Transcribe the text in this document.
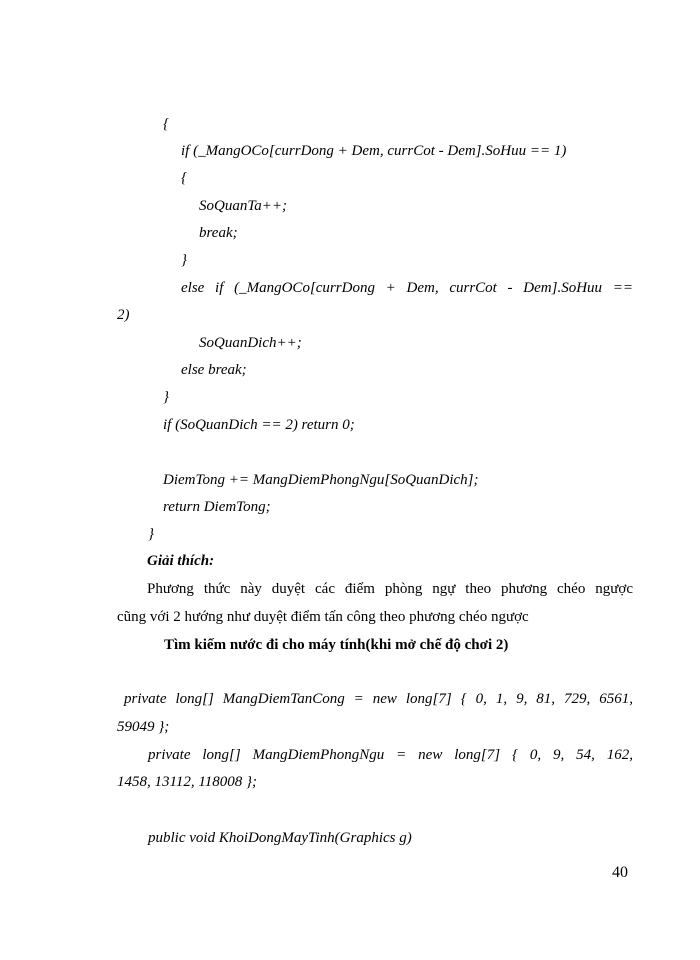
{
if (_MangOCo[currDong + Dem, currCot - Dem].SoHuu == 1)
{
SoQuanTa++;
break;
}
else if (_MangOCo[currDong + Dem, currCot - Dem].SoHuu ==
2)
SoQuanDich++;
else break;
}
if (SoQuanDich == 2) return 0;
DiemTong += MangDiemPhongNgu[SoQuanDich];
return DiemTong;
}
Giải thích:
Phương thức này duyệt các điểm phòng ngự theo phương chéo ngược
cũng với 2 hướng như duyệt điểm tấn công theo phương chéo ngược
Tìm kiếm nước đi cho máy tính(khi mở chế độ chơi 2)
private long[] MangDiemTanCong = new long[7] { 0, 1, 9, 81, 729, 6561,
59049 };
private long[] MangDiemPhongNgu = new long[7] { 0, 9, 54, 162,
1458, 13112, 118008 };
public void KhoiDongMayTinh(Graphics g)
40
